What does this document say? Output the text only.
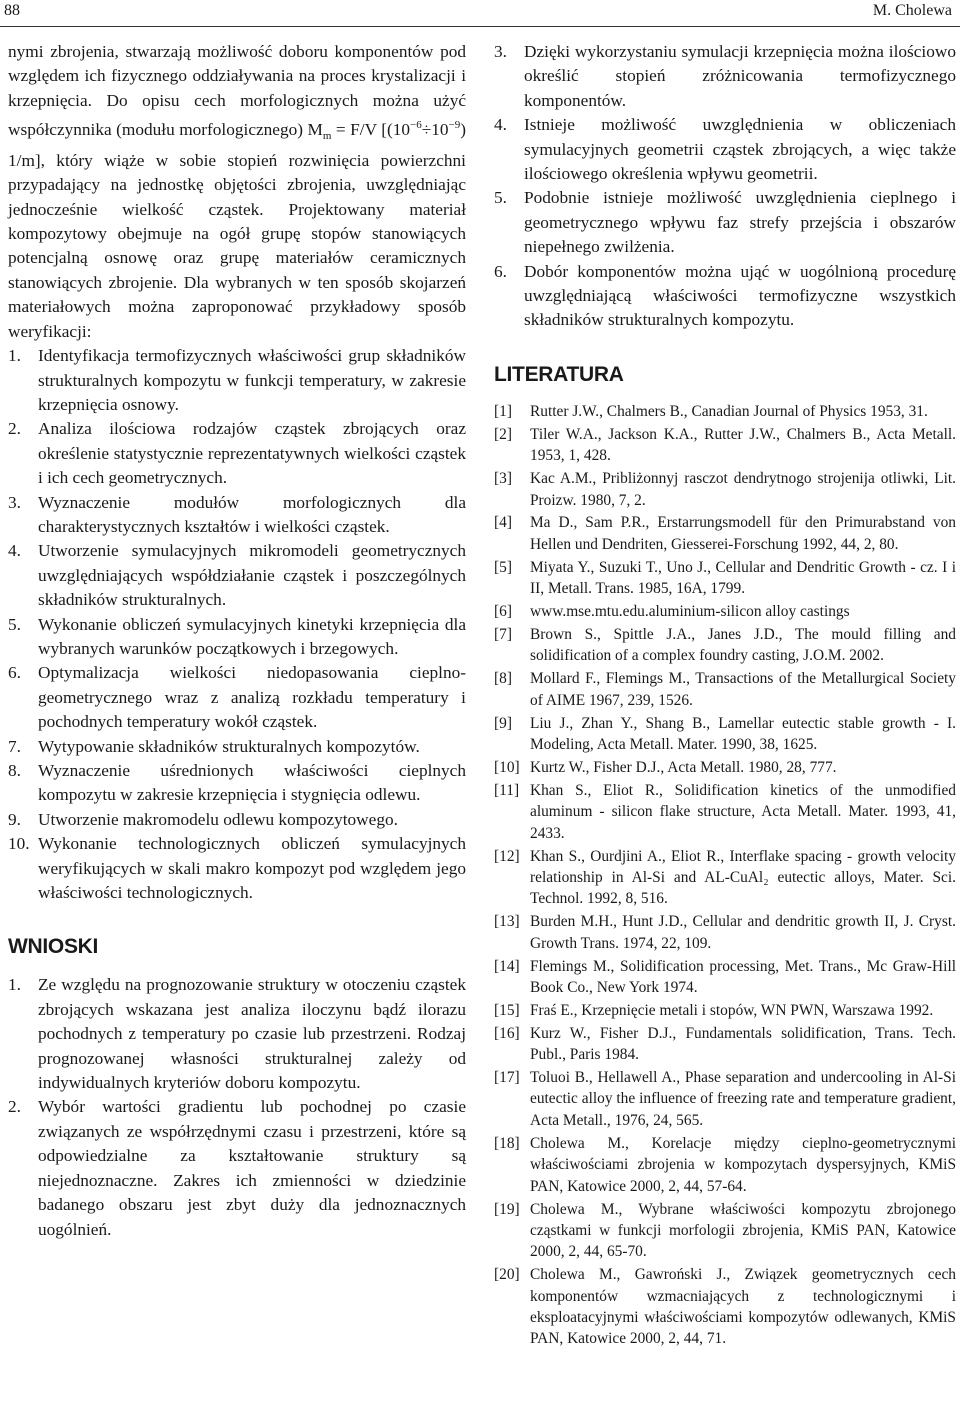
88	M. Cholewa

nymi zbrojenia, stwarzają możliwość doboru komponentów pod względem ich fizycznego oddziaływania na proces krystalizacji i krzepnięcia. Do opisu cech morfologicznych można użyć współczynnika (modułu morfologicznego) $M_m = F/V$ [$(10^{-6}\div 10^{-9})$ 1/m], który wiąże w sobie stopień rozwinięcia powierzchni przypadający na jednostkę objętości zbrojenia, uwzględniając jednocześnie wielkość cząstek. Projektowany materiał kompozytowy obejmuje na ogół grupę stopów stanowiących potencjalną osnowę oraz grupę materiałów ceramicznych stanowiących zbrojenie. Dla wybranych w ten sposób skojarzeń materiałowych można zaproponować przykładowy sposób weryfikacji:

1. Identyfikacja termofizycznych właściwości grup składników strukturalnych kompozytu w funkcji temperatury, w zakresie krzepnięcia osnowy.

2. Analiza ilościowa rodzajów cząstek zbrojących oraz określenie statystycznie reprezentatywnych wielkości cząstek i ich cech geometrycznych.

3. Wyznaczenie modułów morfologicznych dla charakterystycznych kształtów i wielkości cząstek.

4. Utworzenie symulacyjnych mikromodeli geometrycznych uwzględniających współdziałanie cząstek i poszczególnych składników strukturalnych.

5. Wykonanie obliczeń symulacyjnych kinetyki krzepnięcia dla wybranych warunków początkowych i brzegowych.

6. Optymalizacja wielkości niedopasowania cieplno-geometrycznego wraz z analizą rozkładu temperatury i pochodnych temperatury wokół cząstek.

7. Wytypowanie składników strukturalnych kompozytów.

8. Wyznaczenie uśrednionych właściwości cieplnych kompozytu w zakresie krzepnięcia i stygnięcia odlewu.

9. Utworzenie makromodelu odlewu kompozytowego.

10. Wykonanie technologicznych obliczeń symulacyjnych weryfikujących w skali makro kompozyt pod względem jego właściwości technologicznych.

WNIOSKI

1. Ze względu na prognozowanie struktury w otoczeniu cząstek zbrojących wskazana jest analiza iloczynu bądź ilorazu pochodnych z temperatury po czasie lub przestrzeni. Rodzaj prognozowanej własności strukturalnej zależy od indywidualnych kryteriów doboru kompozytu.

2. Wybór wartości gradientu lub pochodnej po czasie związanych ze współrzędnymi czasu i przestrzeni, które są odpowiedzialne za kształtowanie struktury są niejednoznaczne. Zakres ich zmienności w dziedzinie badanego obszaru jest zbyt duży dla jednoznacznych uogólnień.

3. Dzięki wykorzystaniu symulacji krzepnięcia można ilościowo określić stopień zróżnicowania termofizycznego komponentów.

4. Istnieje możliwość uwzględnienia w obliczeniach symulacyjnych geometrii cząstek zbrojących, a więc także ilościowego określenia wpływu geometrii.

5. Podobnie istnieje możliwość uwzględnienia cieplnego i geometrycznego wpływu faz strefy przejścia i obszarów niepełnego zwilżenia.

6. Dobór komponentów można ująć w uogólnioną procedurę uwzględniającą właściwości termofizyczne wszystkich składników strukturalnych kompozytu.

LITERATURA

[1] Rutter J.W., Chalmers B., Canadian Journal of Physics 1953, 31.

[2] Tiler W.A., Jackson K.A., Rutter J.W., Chalmers B., Acta Metall. 1953, 1, 428.

[3] Kac A.M., Pribliżonnyj rasczot dendrytnogo strojenija otliwki, Lit. Proizw. 1980, 7, 2.

[4] Ma D., Sam P.R., Erstarrungsmodell für den Primurabstand von Hellen und Dendriten, Giesserei-Forschung 1992, 44, 2, 80.

[5] Miyata Y., Suzuki T., Uno J., Cellular and Dendritic Growth - cz. I i II, Metall. Trans. 1985, 16A, 1799.

[6] www.mse.mtu.edu.aluminium-silicon alloy castings

[7] Brown S., Spittle J.A., Janes J.D., The mould filling and solidification of a complex foundry casting, J.O.M. 2002.

[8] Mollard F., Flemings M., Transactions of the Metallurgical Society of AIME 1967, 239, 1526.

[9] Liu J., Zhan Y., Shang B., Lamellar eutectic stable growth - I. Modeling, Acta Metall. Mater. 1990, 38, 1625.

[10] Kurtz W., Fisher D.J., Acta Metall. 1980, 28, 777.

[11] Khan S., Eliot R., Solidification kinetics of the unmodified aluminum - silicon flake structure, Acta Metall. Mater. 1993, 41, 2433.

[12] Khan S., Ourdjini A., Eliot R., Interflake spacing - growth velocity relationship in Al-Si and AL-CuAl₂ eutectic alloys, Mater. Sci. Technol. 1992, 8, 516.

[13] Burden M.H., Hunt J.D., Cellular and dendritic growth II, J. Cryst. Growth Trans. 1974, 22, 109.

[14] Flemings M., Solidification processing, Met. Trans., Mc Graw-Hill Book Co., New York 1974.

[15] Fraś E., Krzepnięcie metali i stopów, WN PWN, Warszawa 1992.

[16] Kurz W., Fisher D.J., Fundamentals solidification, Trans. Tech. Publ., Paris 1984.

[17] Toluoi B., Hellawell A., Phase separation and undercooling in Al-Si eutectic alloy the influence of freezing rate and temperature gradient, Acta Metall., 1976, 24, 565.

[18] Cholewa M., Korelacje między cieplno-geometrycznymi właściwościami zbrojenia w kompozytach dyspersyjnych, KMiS PAN, Katowice 2000, 2, 44, 57-64.

[19] Cholewa M., Wybrane właściwości kompozytu zbrojonego cząstkami w funkcji morfologii zbrojenia, KMiS PAN, Katowice 2000, 2, 44, 65-70.

[20] Cholewa M., Gawroński J., Związek geometrycznych cech komponentów wzmacniających z technologicznymi i eksploatacyjnymi właściwościami kompozytów odlewanych, KMiS PAN, Katowice 2000, 2, 44, 71.
